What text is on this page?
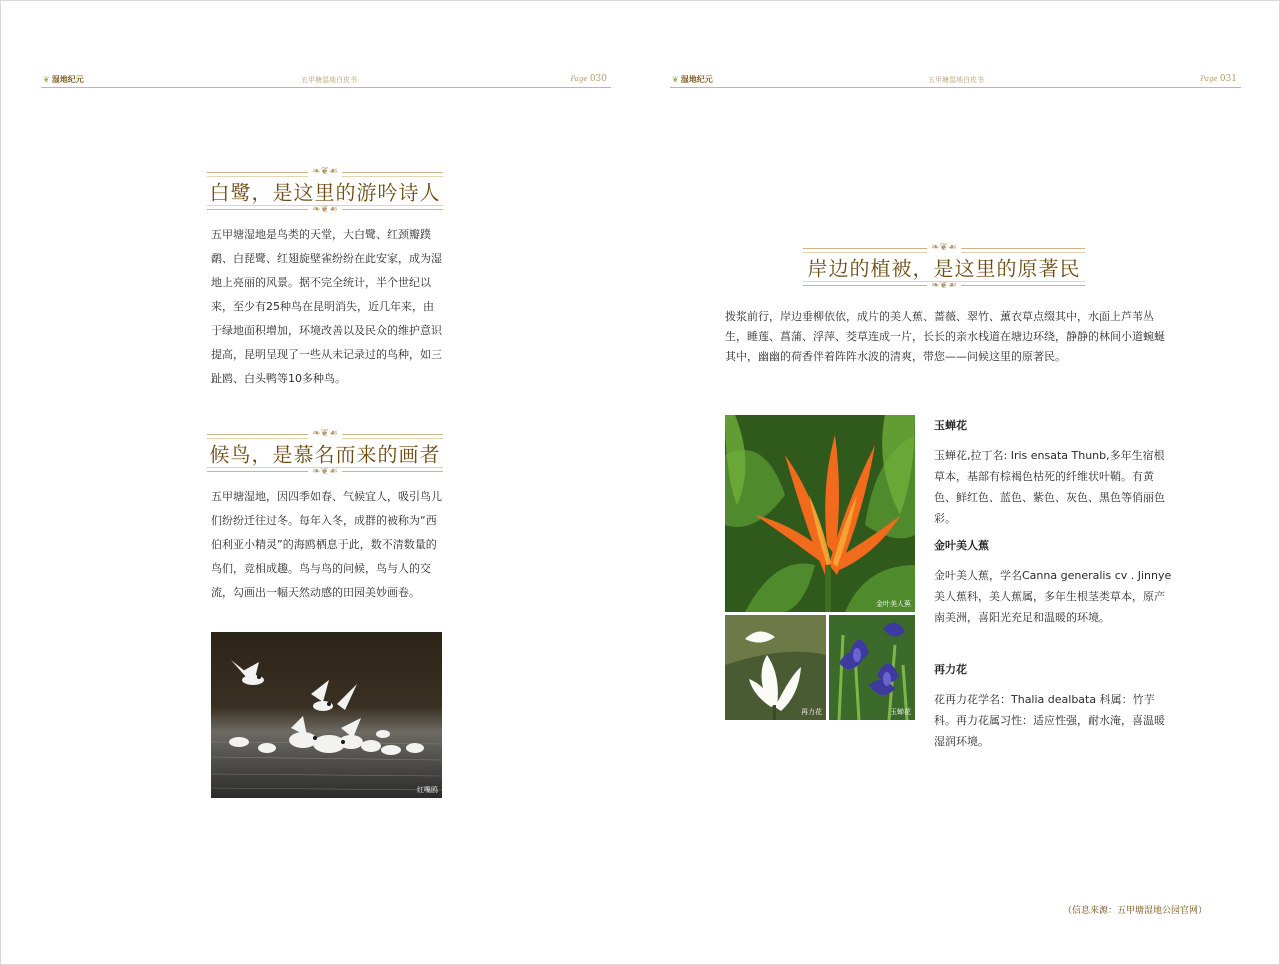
❦ 湿地纪元	五甲塘湿地白皮书	Page 030
❧❦☙
白鹭，是这里的游吟诗人
❧❦☙
五甲塘湿地是鸟类的天堂，大白鹭、红颈瓣蹼鹬、白琵鹭、红翅旋壁雀纷纷在此安家，成为湿地上亮丽的风景。据不完全统计，半个世纪以来，至少有25种鸟在昆明消失，近几年来，由于绿地面积增加，环境改善以及民众的维护意识提高，昆明呈现了一些从未记录过的鸟种，如三趾鸥、白头鸭等10多种鸟。
❧❦☙
候鸟，是慕名而来的画者
❧❦☙
五甲塘湿地，因四季如春、气候宜人，吸引鸟儿们纷纷迁往过冬。每年入冬，成群的被称为“西伯利亚小精灵”的海鸥栖息于此，数不清数量的鸟们，竞相成趣。鸟与鸟的问候，鸟与人的交流，勾画出一幅天然动感的田园美妙画卷。
红嘴鸥
❦ 湿地纪元	五甲塘湿地白皮书	Page 031
❧❦☙
岸边的植被，是这里的原著民
❧❦☙
拨浆前行，岸边垂柳依依，成片的美人蕉、蔷薇、翠竹、薰衣草点缀其中，水面上芦苇丛生，睡莲、菖蒲、浮萍、茭草连成一片，长长的亲水栈道在塘边环绕，静静的林间小道蜿蜒其中，幽幽的荷香伴着阵阵水波的清爽，带您——问候这里的原著民。
金叶美人蕉
再力花	玉蝉花
玉蝉花
玉蝉花,拉丁名: Iris ensata Thunb,多年生宿根草本，基部有棕褐色枯死的纤维状叶鞘。有黄色、鲜红色、蓝色、紫色、灰色、黑色等俏丽色彩。
金叶美人蕉
金叶美人蕉，学名Canna generalis cv . Jinnye 美人蕉科，美人蕉属，多年生根茎类草本，原产南美洲，喜阳光充足和温暖的环境。
再力花
花再力花学名：Thalia dealbata 科属：竹芋科。再力花属习性：适应性强，耐水淹，喜温暖湿润环境。
（信息来源：五甲塘湿地公园官网）
